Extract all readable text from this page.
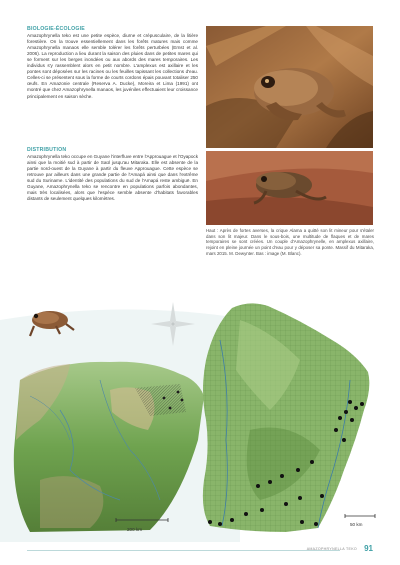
BIOLOGIE-ÉCOLOGIE

Amazophrynella teko est une petite espèce, diurne et crépusculaire, de la litière forestière. On la trouve essentiellement dans les forêts matures mais comme Amazophrynella manaos elle semble tolérer les forêts perturbées (Ernst et al. 2006). La reproduction a lieu durant la saison des pluies dans de petites mares qui se forment sur les berges inondées ou aux abords des mares temporaires. Les individus s'y rassemblent alors en petit nombre. L'amplexus est axillaire et les pontes sont déposées sur les racines ou les feuilles tapissant les collections d'eau. Celles-ci se présentent sous la forme de courts cordons épais pouvant totaliser 250 œufs. En Amazonie centrale (Reserva A. Ducke), Moreira et Lima (1991) ont montré que chez Amazophrynella manaos, les juvéniles effectuaient leur croissance principalement en saison sèche.

DISTRIBUTION

Amazophrynella teko occupe en Guyane l'interfluve entre l'Approuague et l'Oyapock ainsi que la moitié sud à partir de Saül jusqu'au Mitaraka. Elle est absente de la partie nord-ouest de la Guyane à partir du fleuve Approuague. Cette espèce se retrouve par ailleurs dans une grande partie de l'Amapá ainsi que dans l'extrême sud du Suriname. L'identité des populations du sud de l'Amapá reste ambiguë. En Guyane, Amazophrynella teko se rencontre en populations parfois abondantes, mais très localisées, alors que l'espèce semble absente d'habitats favorables distants de seulement quelques kilomètres.

Haut : Après de fortes averses, la crique Alama a quitté son lit mineur pour s'étaler dans son lit majeur. Dans le sous-bois, une multitude de flaques et de mares temporaires se sont créées. Un couple d'Amazophrynelle, en amplexus axillaire, rejoint en pleine journée un point d'eau pour y déposer sa ponte. Massif du Mitaraka, mars 2015. M. Dewynter. Bas : image (M. Blanc).
200 km
50 km
AMAZOPHRYNELLA TEKO 91
